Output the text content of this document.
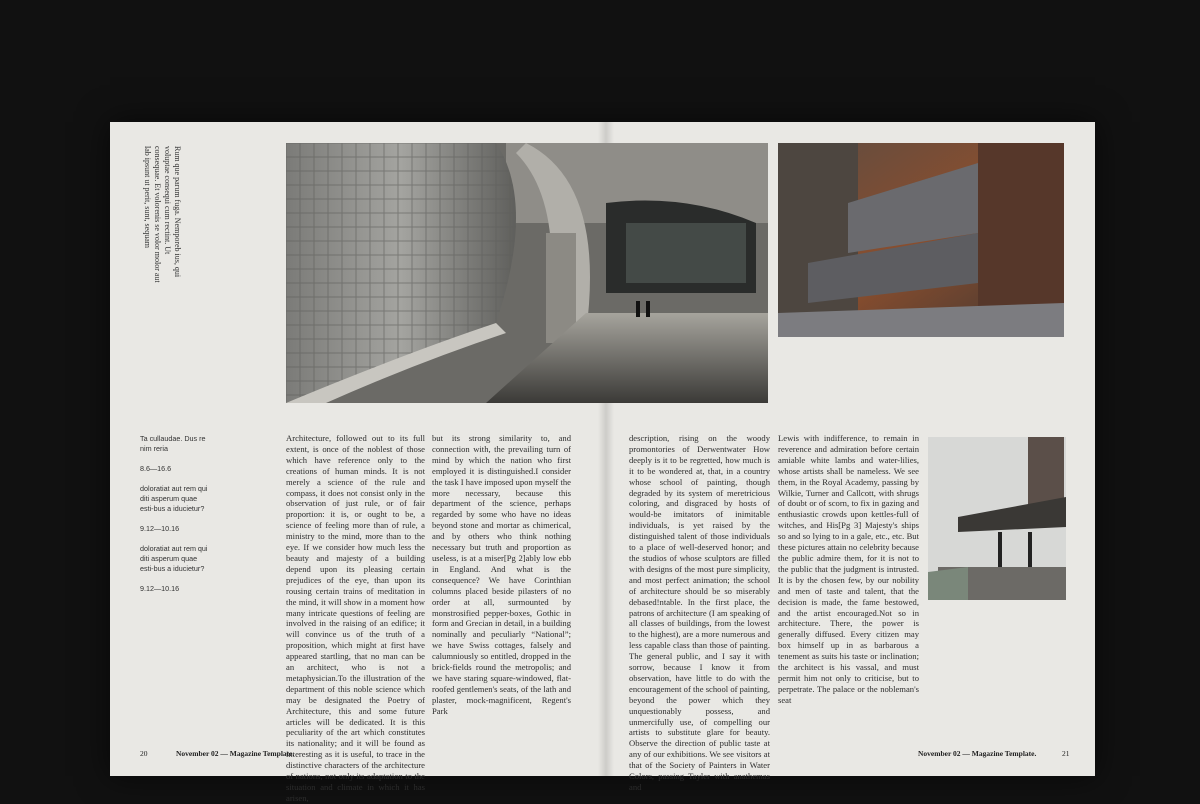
Rum que parum fuga. Nemporeb ius, qui voluptae consequi cum rectint. Ut consequae. Et volorenis se volor molor aut lab ipsunt ut perit, sunt, sequam

Ta cullaudae. Dus re nim reria

8.6—16.6

doloratiat aut rem qui diti asperum quae esti-bus a iducietur?

9.12—10.16

doloratiat aut rem qui diti asperum quae esti-bus a iducietur?

9.12—10.16

Architecture, followed out to its full extent, is once of the noblest of those which have reference only to the creations of human minds. It is not merely a science of the rule and compass, it does not consist only in the observation of just rule, or of fair proportion: it is, or ought to be, a science of feeling more than of rule, a ministry to the mind, more than to the eye. If we consider how much less the beauty and majesty of a building depend upon its pleasing certain prejudices of the eye, than upon its rousing certain trains of meditation in the mind, it will show in a moment how many intricate questions of feeling are involved in the raising of an edifice; it will convince us of the truth of a proposition, which might at first have appeared startling, that no man can be an architect, who is not a metaphysician.To the illustration of the department of this noble science which may be designated the Poetry of Architecture, this and some future articles will be dedicated. It is this peculiarity of the art which constitutes its nationality; and it will be found as interesting as it is useful, to trace in the distinctive characters of the architecture of nations, not only its adaptation to the situation and climate in which it has arisen,
but its strong similarity to, and connection with, the prevailing turn of mind by which the nation who first employed it is distinguished.I consider the task I have imposed upon myself the more necessary, because this department of the science, perhaps regarded by some who have no ideas beyond stone and mortar as chimerical, and by others who think nothing necessary but truth and proportion as useless, is at a miser[Pg 2]ably low ebb in England. And what is the consequence? We have Corinthian columns placed beside pilasters of no order at all, surmounted by monstrosified pepper-boxes, Gothic in form and Grecian in detail, in a building nominally and peculiarly “National”; we have Swiss cottages, falsely and calumniously so entitled, dropped in the brick-fields round the metropolis; and we have staring square-windowed, flat-roofed gentlemen's seats, of the lath and plaster, mock-magnificent, Regent's Park
description, rising on the woody promontories of Derwentwater How deeply is it to be regretted, how much is it to be wondered at, that, in a country whose school of painting, though degraded by its system of meretricious coloring, and disgraced by hosts of would-be imitators of inimitable individuals, is yet raised by the distinguished talent of those individuals to a place of well-deserved honor; and the studios of whose sculptors are filled with designs of the most pure simplicity, and most perfect animation; the school of architecture should be so miserably debased!ntable. In the first place, the patrons of architecture (I am speaking of all classes of buildings, from the lowest to the highest), are a more numerous and less capable class than those of painting. The general public, and I say it with sorrow, because I know it from observation, have little to do with the encouragement of the school of painting, beyond the power which they unquestionably possess, and unmercifully use, of compelling our artists to substitute glare for beauty. Observe the direction of public taste at any of our exhibitions. We see visitors at that of the Society of Painters in Water Colors, passing Tayler with anathemas and
Lewis with indifference, to remain in reverence and admiration before certain amiable white lambs and water-lilies, whose artists shall be nameless. We see them, in the Royal Academy, passing by Wilkie, Turner and Callcott, with shrugs of doubt or of scorn, to fix in gazing and enthusiastic crowds upon kettles-full of witches, and His[Pg 3] Majesty's ships so and so lying to in a gale, etc., etc. But these pictures attain no celebrity because the public admire them, for it is not to the public that the judgment is intrusted. It is by the chosen few, by our nobility and men of taste and talent, that the decision is made, the fame bestowed, and the artist encouraged.Not so in architecture. There, the power is generally diffused. Every citizen may box himself up in as barbarous a tenement as suits his taste or inclination; the architect is his vassal, and must permit him not only to criticise, but to perpetrate. The palace or the nobleman's seat
20	November 02 — Magazine Template.	November 02 — Magazine Template.	21
